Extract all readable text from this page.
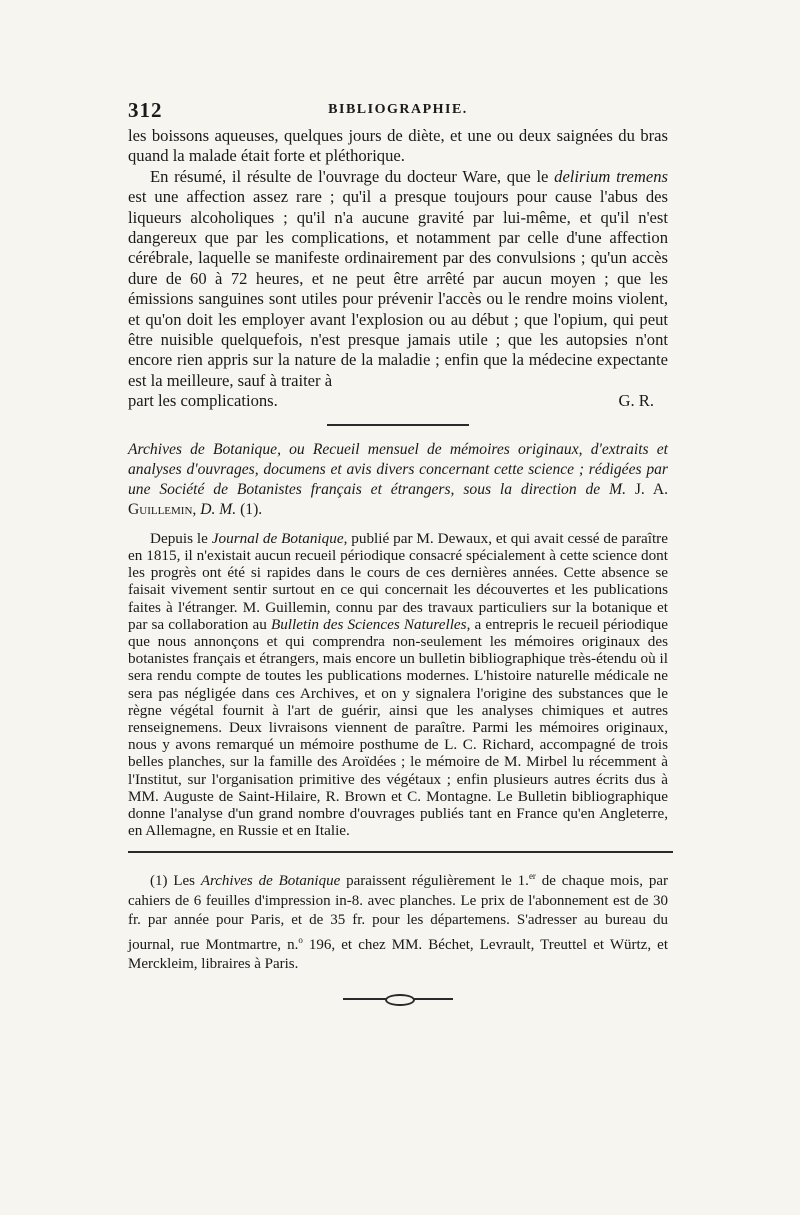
312	BIBLIOGRAPHIE.

les boissons aqueuses, quelques jours de diète, et une ou deux saignées du bras quand la malade était forte et pléthorique.

En résumé, il résulte de l'ouvrage du docteur Ware, que le delirium tremens est une affection assez rare ; qu'il a presque toujours pour cause l'abus des liqueurs alcoholiques ; qu'il n'a aucune gravité par lui-même, et qu'il n'est dangereux que par les complications, et notamment par celle d'une affection cérébrale, laquelle se manifeste ordinairement par des convulsions ; qu'un accès dure de 60 à 72 heures, et ne peut être arrêté par aucun moyen ; que les émissions sanguines sont utiles pour prévenir l'accès ou le rendre moins violent, et qu'on doit les employer avant l'explosion ou au début ; que l'opium, qui peut être nuisible quelquefois, n'est presque jamais utile ; que les autopsies n'ont encore rien appris sur la nature de la maladie ; enfin que la médecine expectante est la meilleure, sauf à traiter à

part les complications.	G. R.

Archives de Botanique, ou Recueil mensuel de mémoires originaux, d'extraits et analyses d'ouvrages, documens et avis divers concernant cette science ; rédigées par une Société de Botanistes français et étrangers, sous la direction de M. J. A. Guillemin, D. M. (1).

Depuis le Journal de Botanique, publié par M. Dewaux, et qui avait cessé de paraître en 1815, il n'existait aucun recueil périodique consacré spécialement à cette science dont les progrès ont été si rapides dans le cours de ces dernières années. Cette absence se faisait vivement sentir surtout en ce qui concernait les découvertes et les publications faites à l'étranger. M. Guillemin, connu par des travaux particuliers sur la botanique et par sa collaboration au Bulletin des Sciences Naturelles, a entrepris le recueil périodique que nous annonçons et qui comprendra non-seulement les mémoires originaux des botanistes français et étrangers, mais encore un bulletin bibliographique très-étendu où il sera rendu compte de toutes les publications modernes. L'histoire naturelle médicale ne sera pas négligée dans ces Archives, et on y signalera l'origine des substances que le règne végétal fournit à l'art de guérir, ainsi que les analyses chimiques et autres renseignemens. Deux livraisons viennent de paraître. Parmi les mémoires originaux, nous y avons remarqué un mémoire posthume de L. C. Richard, accompagné de trois belles planches, sur la famille des Aroïdées ; le mémoire de M. Mirbel lu récemment à l'Institut, sur l'organisation primitive des végétaux ; enfin plusieurs autres écrits dus à MM. Auguste de Saint-Hilaire, R. Brown et C. Montagne. Le Bulletin bibliographique donne l'analyse d'un grand nombre d'ouvrages publiés tant en France qu'en Angleterre, en Allemagne, en Russie et en Italie.

(1) Les Archives de Botanique paraissent régulièrement le 1.$^{er}$ de chaque mois, par cahiers de 6 feuilles d'impression in-8. avec planches. Le prix de l'abonnement est de 30 fr. par année pour Paris, et de 35 fr. pour les départemens. S'adresser au bureau du journal, rue Montmartre, n.$^o$ 196, et chez MM. Béchet, Levrault, Treuttel et Würtz, et Merckleim, libraires à Paris.
